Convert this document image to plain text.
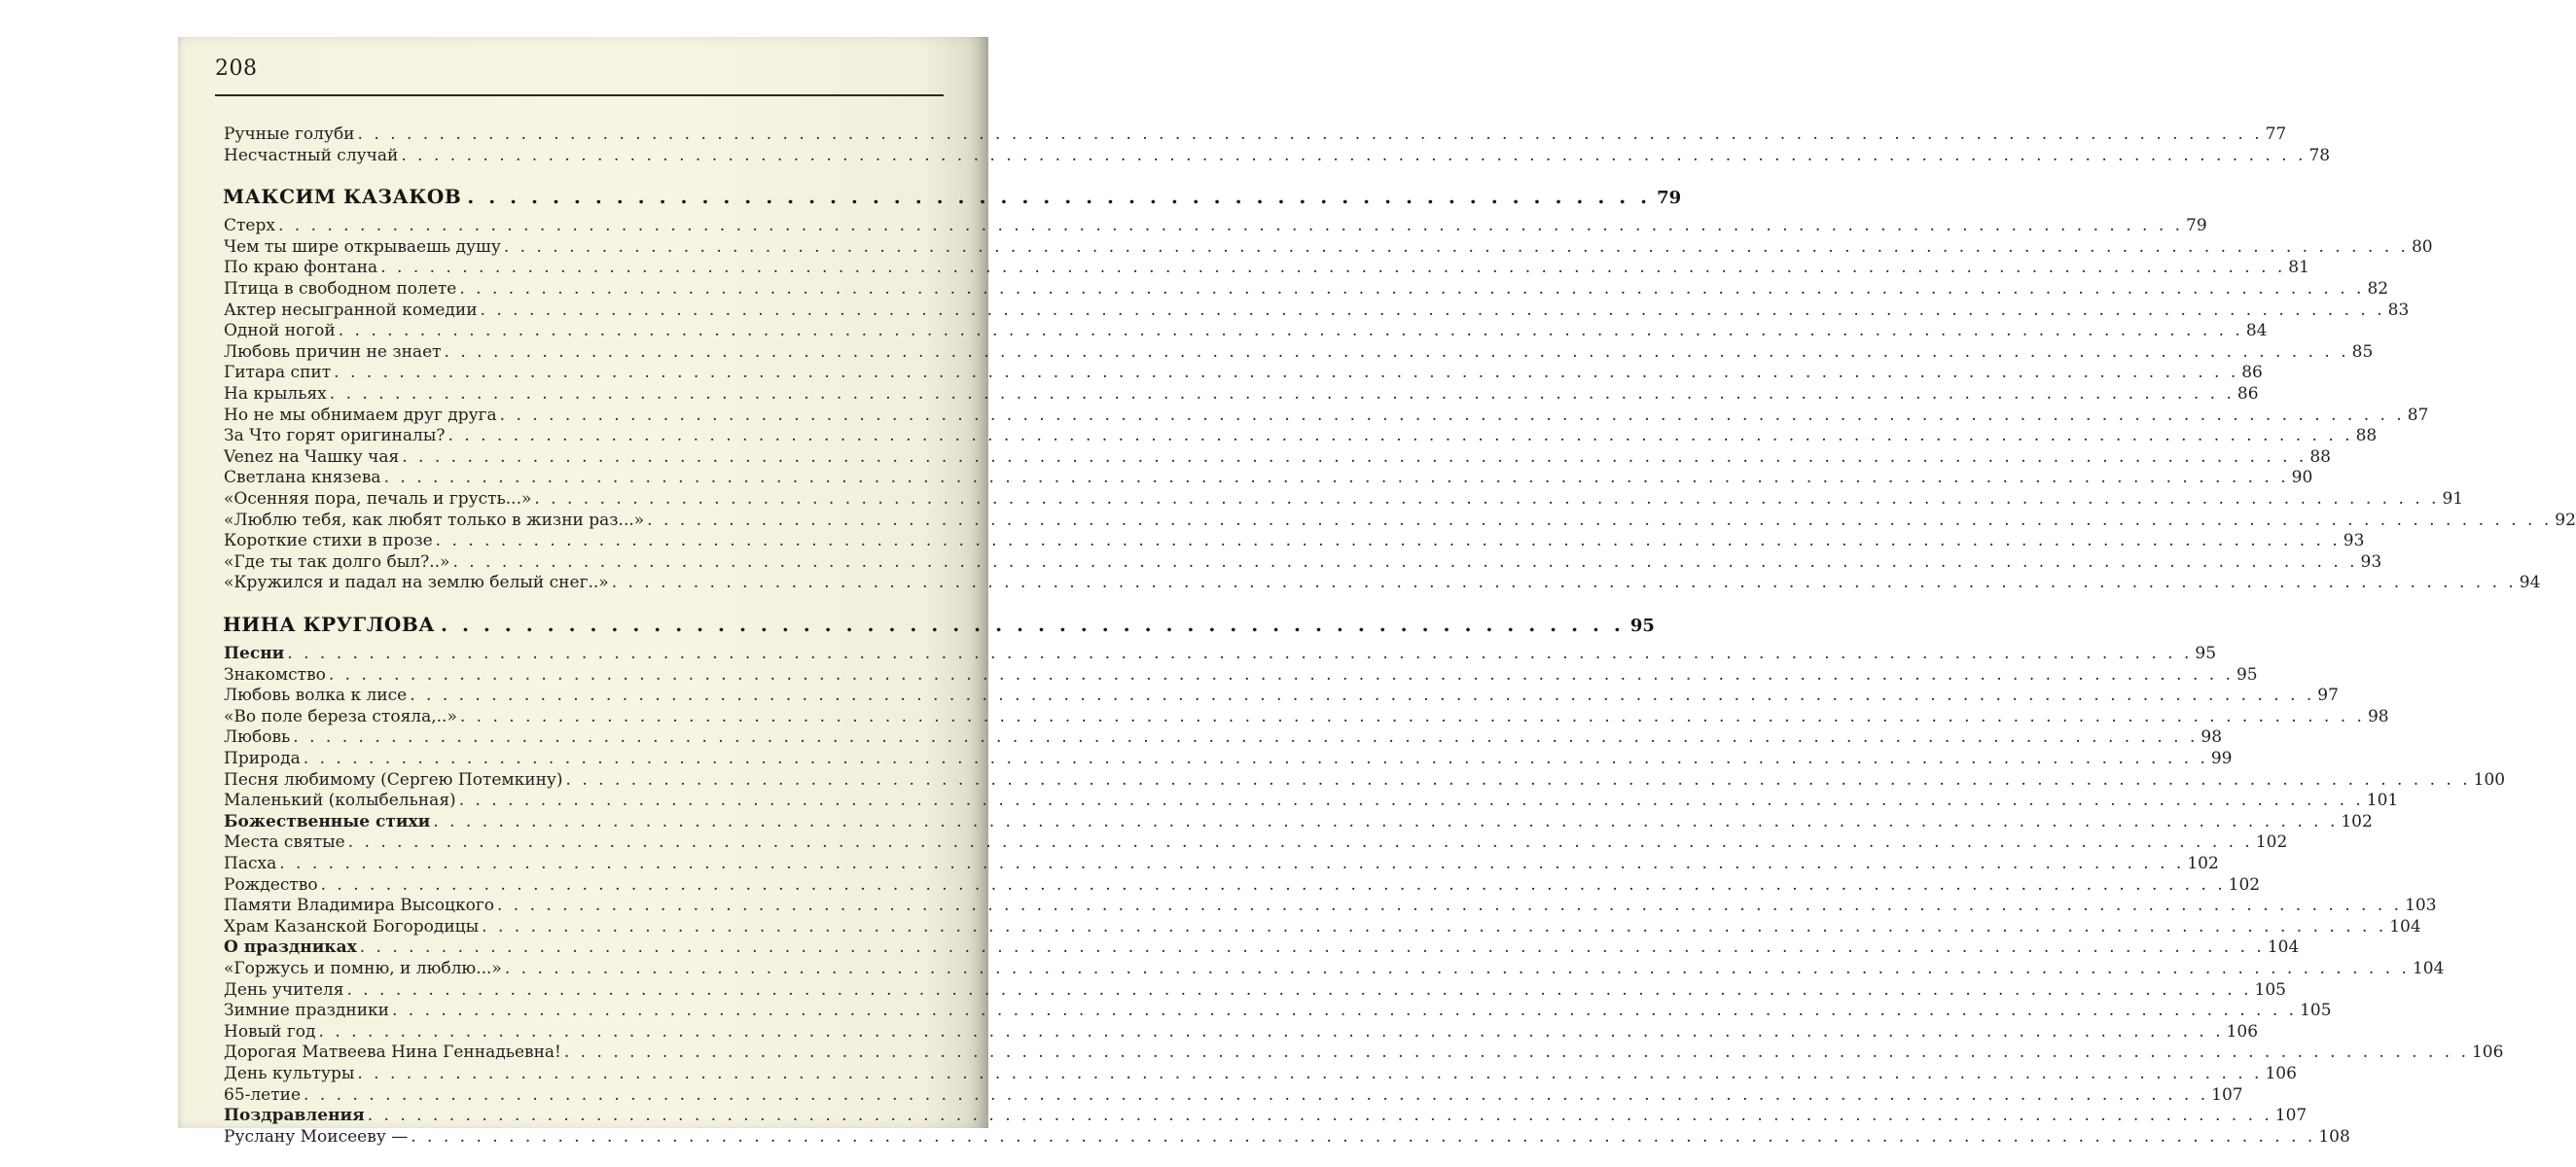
208
Ручные голуби . . .	77
Несчастный случай . . .	78
МАКСИМ КАЗАКОВ . . .	79
Стерх . . .	79
Чем ты шире открываешь душу . . .	80
По краю фонтана . . .	81
Птица в свободном полете . . .	82
Актер несыгранной комедии . . .	83
Одной ногой . . .	84
Любовь причин не знает . . .	85
Гитара спит . . .	86
На крыльях . . .	86
Но не мы обнимаем друг друга . . .	87
За Что горят оригиналы? . . .	88
Venez на Чашку чая . . .	88
Светлана князева . . .	90
«Осенняя пора, печаль и грусть...» . . .	91
«Люблю тебя, как любят только в жизни раз...» . . .	92
Короткие стихи в прозе . . .	93
«Где ты так долго был?..» . . .	93
«Кружился и падал на землю белый снег..» . . .	94
НИНА КРУГЛОВА . . .	95
Песни . . .	95
Знакомство . . .	95
Любовь волка к лисе . . .	97
«Во поле береза стояла,..» . . .	98
Любовь . . .	98
Природа . . .	99
Песня любимому (Сергею Потемкину) . . .	100
Маленький (колыбельная) . . .	101
Божественные стихи . . .	102
Места святые . . .	102
Пасха . . .	102
Рождество . . .	102
Памяти Владимира Высоцкого . . .	103
Храм Казанской Богородицы . . .	104
О праздниках . . .	104
«Горжусь и помню, и люблю...» . . .	104
День учителя . . .	105
Зимние праздники . . .	105
Новый год . . .	106
Дорогая Матвеева Нина Геннадьевна! . . .	106
День культуры . . .	106
65-летие . . .	107
Поздравления . . .	107
Руслану Моисееву — . . .	108
